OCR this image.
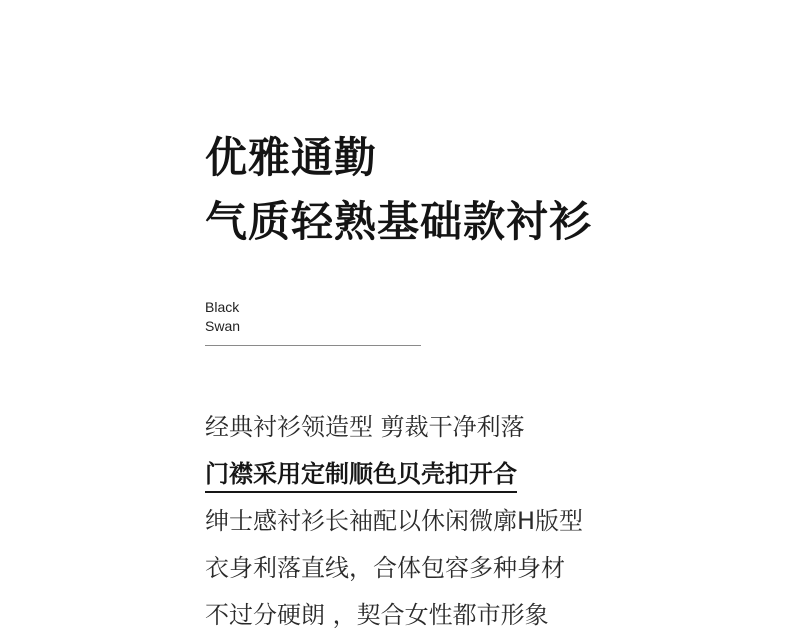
优雅通勤
气质轻熟基础款衬衫
Black
Swan
经典衬衫领造型 剪裁干净利落
门襟采用定制顺色贝壳扣开合
绅士感衬衫长袖配以休闲微廓H版型
衣身利落直线，合体包容多种身材
不过分硬朗 ，契合女性都市形象
